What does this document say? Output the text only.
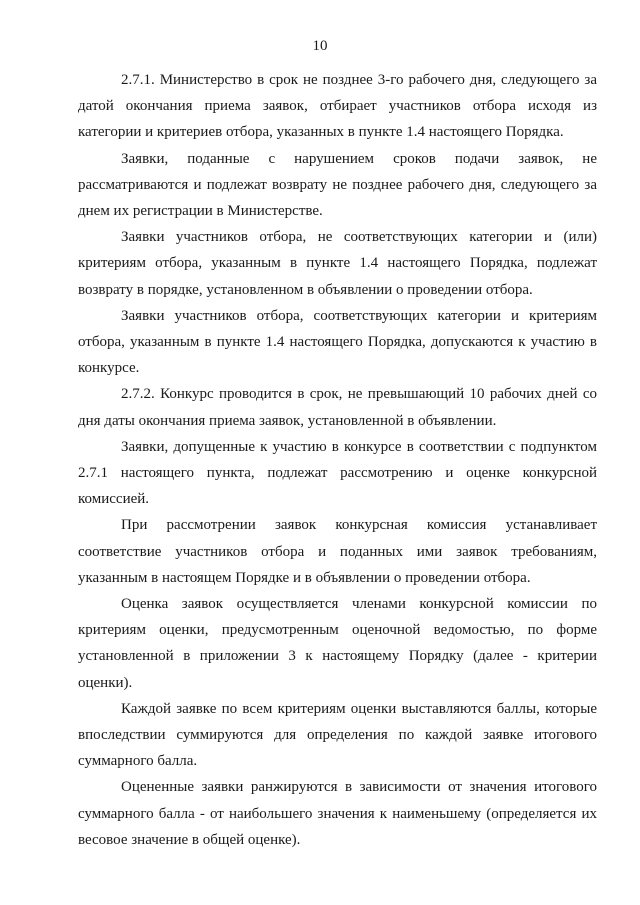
10

2.7.1. Министерство в срок не позднее 3-го рабочего дня, следующего за датой окончания приема заявок, отбирает участников отбора исходя из категории и критериев отбора, указанных в пункте 1.4 настоящего Порядка.

Заявки, поданные с нарушением сроков подачи заявок, не рассматриваются и подлежат возврату не позднее рабочего дня, следующего за днем их регистрации в Министерстве.

Заявки участников отбора, не соответствующих категории и (или) критериям отбора, указанным в пункте 1.4 настоящего Порядка, подлежат возврату в порядке, установленном в объявлении о проведении отбора.

Заявки участников отбора, соответствующих категории и критериям отбора, указанным в пункте 1.4 настоящего Порядка, допускаются к участию в конкурсе.

2.7.2. Конкурс проводится в срок, не превышающий 10 рабочих дней со дня даты окончания приема заявок, установленной в объявлении.

Заявки, допущенные к участию в конкурсе в соответствии с подпунктом 2.7.1 настоящего пункта, подлежат рассмотрению и оценке конкурсной комиссией.

При рассмотрении заявок конкурсная комиссия устанавливает соответствие участников отбора и поданных ими заявок требованиям, указанным в настоящем Порядке и в объявлении о проведении отбора.

Оценка заявок осуществляется членами конкурсной комиссии по критериям оценки, предусмотренным оценочной ведомостью, по форме установленной в приложении 3 к настоящему Порядку (далее - критерии оценки).

Каждой заявке по всем критериям оценки выставляются баллы, которые впоследствии суммируются для определения по каждой заявке итогового суммарного балла.

Оцененные заявки ранжируются в зависимости от значения итогового суммарного балла - от наибольшего значения к наименьшему (определяется их весовое значение в общей оценке).
